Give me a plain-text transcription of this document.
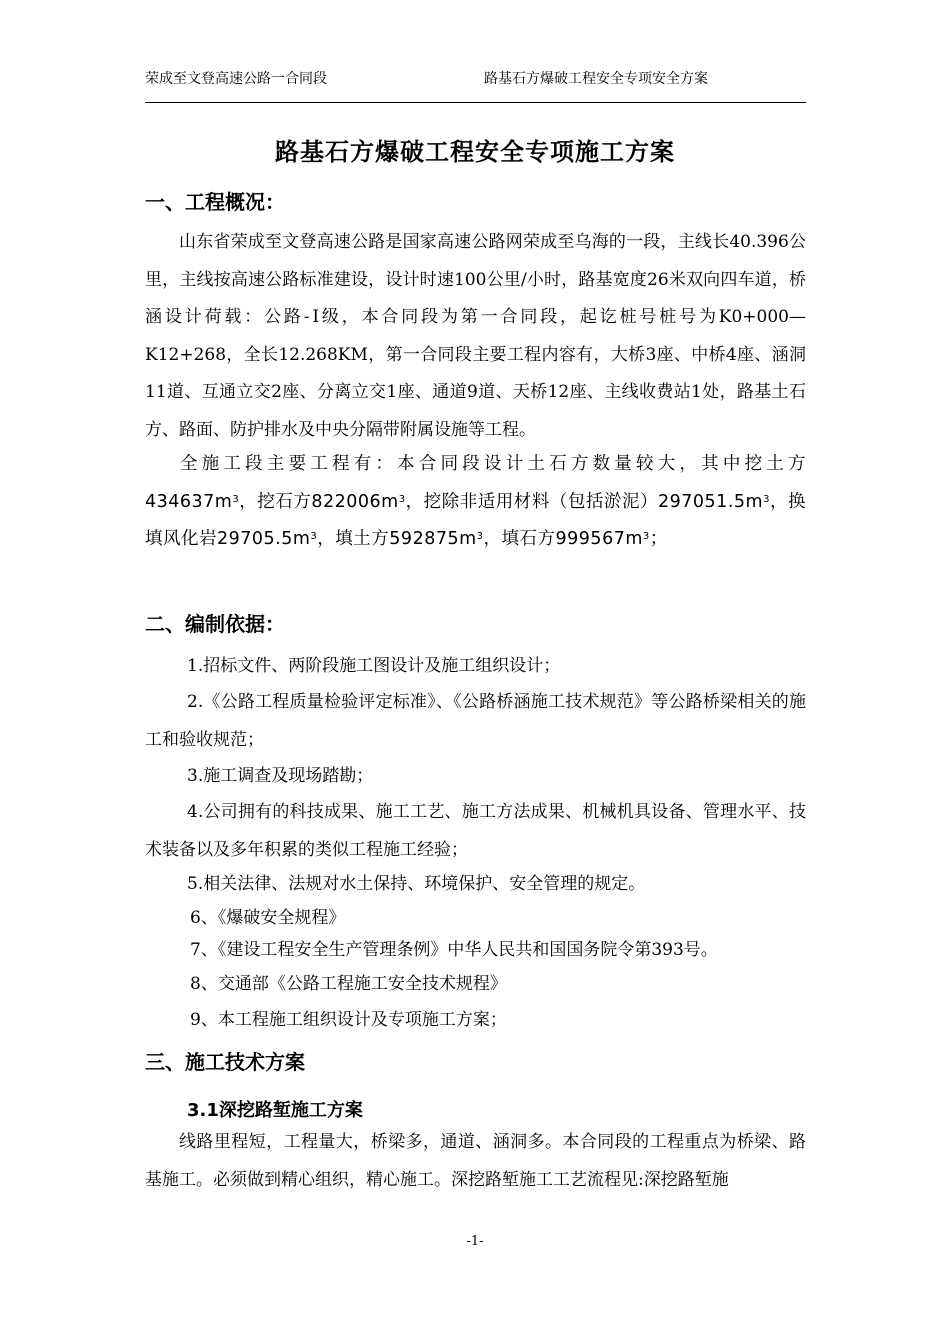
荣成至文登高速公路一合同段	路基石方爆破工程安全专项安全方案
路基石方爆破工程安全专项施工方案
一、工程概况：
山东省荣成至文登高速公路是国家高速公路网荣成至乌海的一段，主线长40.396公里，主线按高速公路标准建设，设计时速100公里/小时，路基宽度26米双向四车道，桥涵设计荷载：公路-Ⅰ级，本合同段为第一合同段，起讫桩号桩号为K0+000—K12+268，全长12.268KM，第一合同段主要工程内容有，大桥3座、中桥4座、涵洞11道、互通立交2座、分离立交1座、通道9道、天桥12座、主线收费站1处，路基土石方、路面、防护排水及中央分隔带附属设施等工程。
全施工段主要工程有：本合同段设计土石方数量较大，其中挖土方$434637m^3$，挖石方$822006m^3$，挖除非适用材料（包括淤泥）$297051.5m^3$，换填风化岩$29705.5m^3$，填土方$592875m^3$，填石方$999567m^3$；
二、编制依据：
1.招标文件、两阶段施工图设计及施工组织设计；
2.《公路工程质量检验评定标准》、《公路桥涵施工技术规范》等公路桥梁相关的施工和验收规范；
3.施工调查及现场踏勘；
4.公司拥有的科技成果、施工工艺、施工方法成果、机械机具设备、管理水平、技术装备以及多年积累的类似工程施工经验；
5.相关法律、法规对水土保持、环境保护、安全管理的规定。
6、《爆破安全规程》
7、《建设工程安全生产管理条例》中华人民共和国国务院令第393号。
8、交通部《公路工程施工安全技术规程》
9、本工程施工组织设计及专项施工方案；
三、施工技术方案
3.1深挖路堑施工方案
线路里程短，工程量大，桥梁多，通道、涵洞多。本合同段的工程重点为桥梁、路基施工。必须做到精心组织，精心施工。深挖路堑施工工艺流程见:深挖路堑施
-1-
